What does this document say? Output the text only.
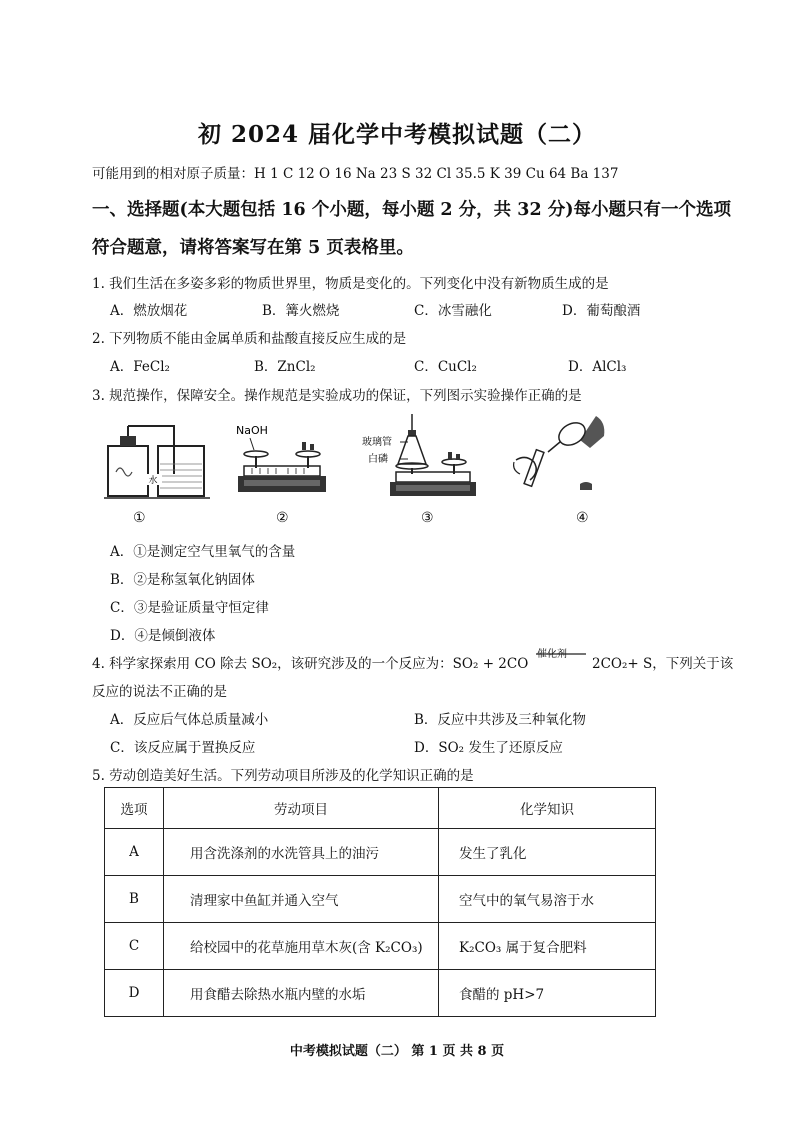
初 2024 届化学中考模拟试题（二）
可能用到的相对原子质量：H 1 C 12 O 16 Na 23 S 32 Cl 35.5 K 39 Cu 64 Ba 137
一、选择题(本大题包括 16 个小题，每小题 2 分，共 32 分)每小题只有一个选项
符合题意，请将答案写在第 5 页表格里。
1. 我们生活在多姿多彩的物质世界里，物质是变化的。下列变化中没有新物质生成的是
A．燃放烟花	B．篝火燃烧	C．冰雪融化	D．葡萄酿酒
2. 下列物质不能由金属单质和盐酸直接反应生成的是
A．FeCl₂	B．ZnCl₂	C．CuCl₂	D．AlCl₃
3. 规范操作，保障安全。操作规范是实验成功的保证，下列图示实验操作正确的是
水
NaOH
玻璃管
白磷
①	②	③	④
A．①是测定空气里氧气的含量
B．②是称氢氧化钠固体
C．③是验证质量守恒定律
D．④是倾倒液体
4. 科学家探索用 CO 除去 SO₂，该研究涉及的一个反应为：SO₂ + 2CO
催化剂
2CO₂+ S，下列关于该
反应的说法不正确的是
A．反应后气体总质量减小	B．反应中共涉及三种氧化物
C．该反应属于置换反应	D．SO₂ 发生了还原反应
5. 劳动创造美好生活。下列劳动项目所涉及的化学知识正确的是
选项	劳动项目	化学知识
A	用含洗涤剂的水洗管具上的油污	发生了乳化
B	清理家中鱼缸并通入空气	空气中的氧气易溶于水
C	给校园中的花草施用草木灰(含 K₂CO₃)	K₂CO₃ 属于复合肥料
D	用食醋去除热水瓶内壁的水垢	食醋的 pH>7
中考模拟试题（二） 第 1 页 共 8 页
